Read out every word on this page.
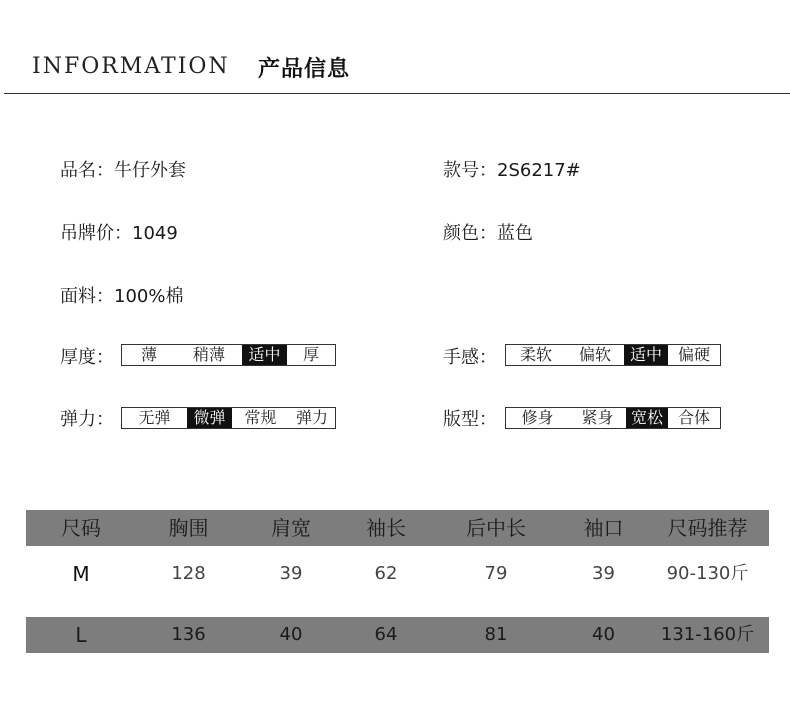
INFORMATION 产品信息
品名：牛仔外套	款号：2S6217#
吊牌价：1049	颜色：蓝色
面料：100%棉
厚度：	薄	稍薄	适中	厚	手感：	柔软	偏软	适中 偏硬
弹力：	无弹	微弹	常规	弹力	版型：	修身	紧身	宽松 合体
尺码	胸围	肩宽	袖长	后中长	袖口	尺码推荐
M	128	39	62	79	39	90-130斤
L	136	40	64	81	40	131-160斤
